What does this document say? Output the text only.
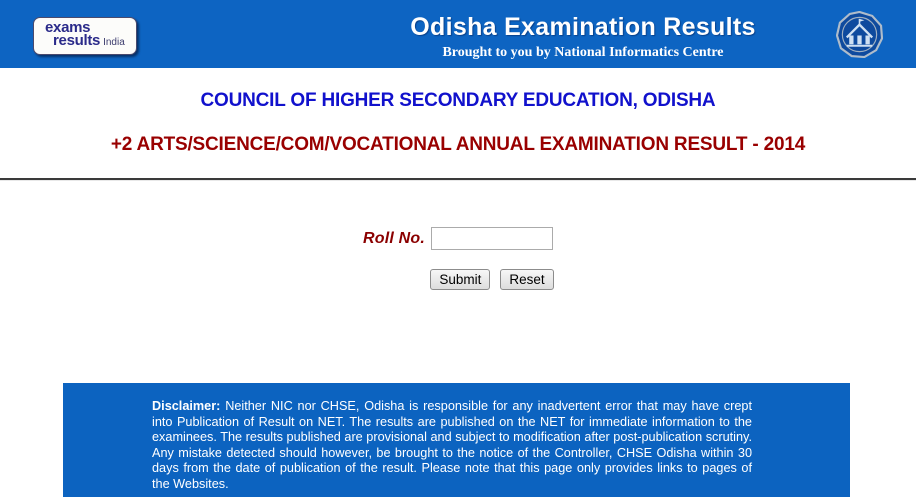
exams
results India
Odisha Examination Results
Brought to you by National Informatics Centre
COUNCIL OF HIGHER SECONDARY EDUCATION, ODISHA
+2 ARTS/SCIENCE/COM/VOCATIONAL ANNUAL EXAMINATION RESULT - 2014
Roll No.
Submit	Reset

Disclaimer: Neither NIC nor CHSE, Odisha is responsible for any inadvertent error that may have crept into Publication of Result on NET. The results are published on the NET for immediate information to the examinees. The results published are provisional and subject to modification after post-publication scrutiny. Any mistake detected should however, be brought to the notice of the Controller, CHSE Odisha within 30 days from the date of publication of the result. Please note that this page only provides links to pages of the Websites.
